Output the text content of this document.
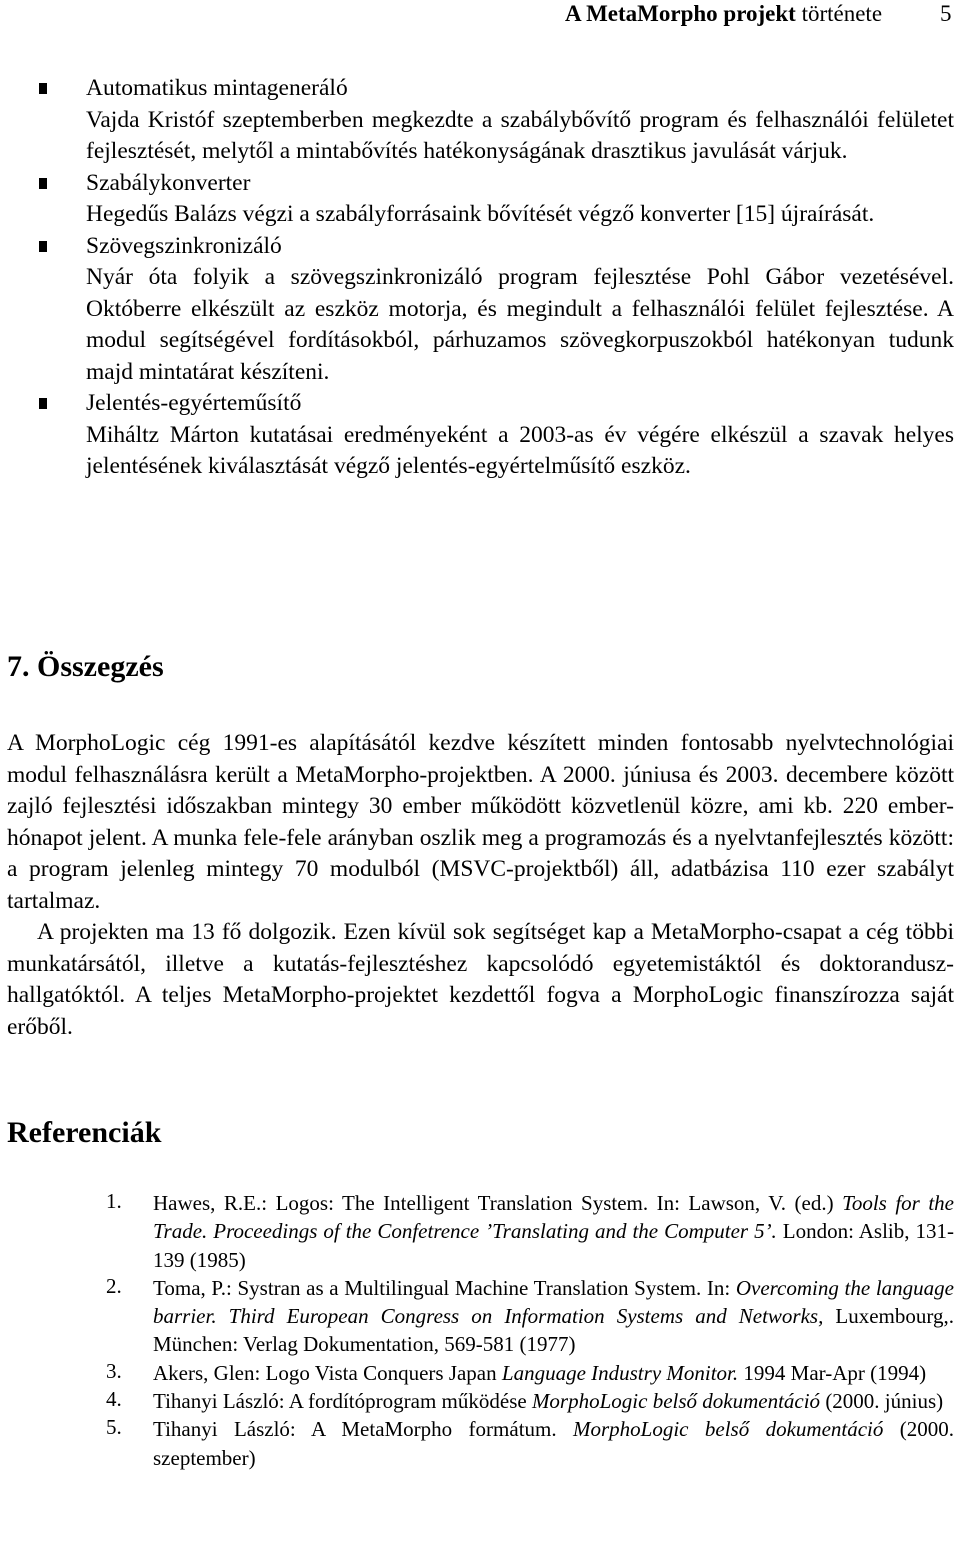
A MetaMorpho projekt története	5
Automatikus mintageneráló
Vajda Kristóf szeptemberben megkezdte a szabálybővítő program és felhasználói felületet fejlesztését, melytől a mintabővítés hatékonyságának drasztikus javulását várjuk.
Szabálykonverter
Hegedűs Balázs végzi a szabályforrásaink bővítését végző konverter [15] újraírását.
Szövegszinkronizáló
Nyár óta folyik a szövegszinkronizáló program fejlesztése Pohl Gábor vezetésével. Októberre elkészült az eszköz motorja, és megindult a felhasználói felület fejlesztése. A modul segítségével fordításokból, párhuzamos szövegkorpuszokból hatékonyan tudunk majd mintatárat készíteni.
Jelentés-egyérteműsítő
Miháltz Márton kutatásai eredményeként a 2003-as év végére elkészül a szavak helyes jelentésének kiválasztását végző jelentés-egyértelműsítő eszköz.
7. Összegzés

A MorphoLogic cég 1991-es alapításától kezdve készített minden fontosabb nyelvtechnológiai modul felhasználásra került a MetaMorpho-projektben. A 2000. júniusa és 2003. decembere között zajló fejlesztési időszakban mintegy 30 ember működött közvetlenül közre, ami kb. 220 ember-hónapot jelent. A munka fele-fele arányban oszlik meg a programozás és a nyelvtanfejlesztés között: a program jelenleg mintegy 70 modulból (MSVC-projektből) áll, adatbázisa 110 ezer szabályt tartalmaz.

A projekten ma 13 fő dolgozik. Ezen kívül sok segítséget kap a MetaMorpho-csapat a cég többi munkatársától, illetve a kutatás-fejlesztéshez kapcsolódó egyetemistáktól és doktorandusz-hallgatóktól. A teljes MetaMorpho-projektet kezdettől fogva a MorphoLogic finanszírozza saját erőből.

Referenciák
1. Hawes, R.E.: Logos: The Intelligent Translation System. In: Lawson, V. (ed.) Tools for the Trade. Proceedings of the Confetrence ’Translating and the Computer 5’. London: Aslib, 131-139 (1985)
2. Toma, P.: Systran as a Multilingual Machine Translation System. In: Overcoming the language barrier. Third European Congress on Information Systems and Networks, Luxembourg,. München: Verlag Dokumentation, 569-581 (1977)
3. Akers, Glen: Logo Vista Conquers Japan Language Industry Monitor. 1994 Mar-Apr (1994)
4. Tihanyi László: A fordítóprogram működése MorphoLogic belső dokumentáció (2000. június)
5. Tihanyi László: A MetaMorpho formátum. MorphoLogic belső dokumentáció (2000. szeptember)
